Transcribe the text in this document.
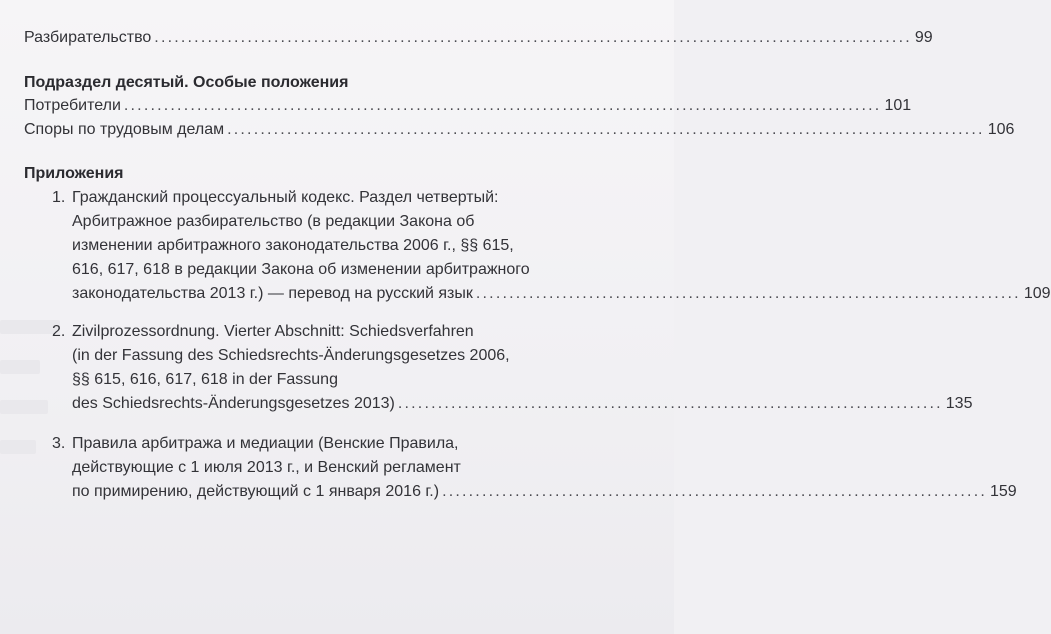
Разбирательство .................................................................................................................. 99
Подраздел десятый. Особые положения
Потребители .................................................................................................................. 101
Споры по трудовым делам .................................................................................................................. 106
Приложения
1. Гражданский процессуальный кодекс. Раздел четвертый:
Арбитражное разбирательство (в редакции Закона об
изменении арбитражного законодательства 2006 г., §§ 615,
616, 617, 618 в редакции Закона об изменении арбитражного
законодательства 2013 г.) — перевод на русский язык .................................................................................. 109
2. Zivilprozessordnung. Vierter Abschnitt: Schiedsverfahren
(in der Fassung des Schiedsrechts-Änderungsgesetzes 2006,
§§ 615, 616, 617, 618 in der Fassung
des Schiedsrechts-Änderungsgesetzes 2013) .................................................................................. 135
3. Правила арбитража и медиации (Венские Правила,
действующие с 1 июля 2013 г., и Венский регламент
по примирению, действующий с 1 января 2016 г.) .................................................................................. 159
